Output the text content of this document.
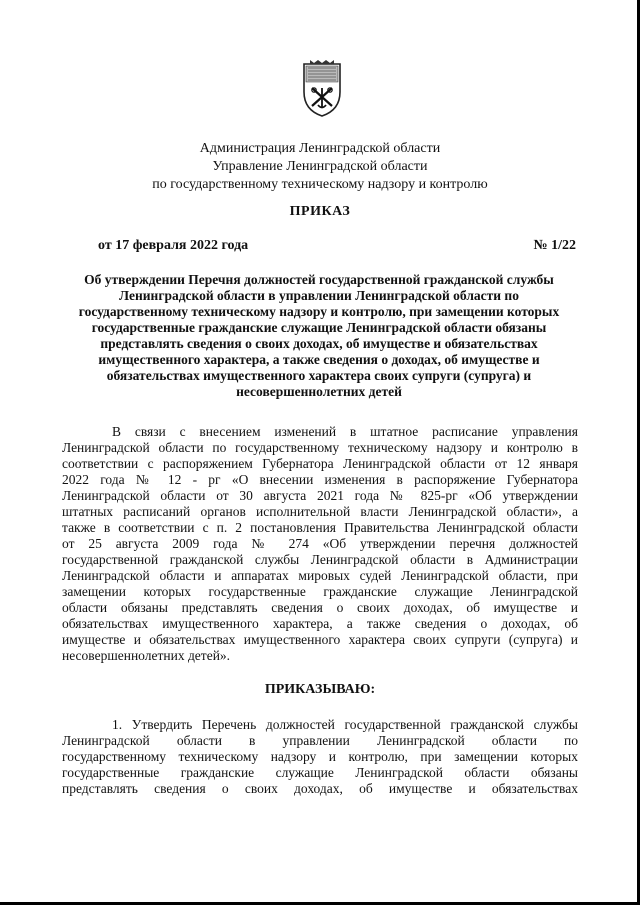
Администрация Ленинградской области
Управление Ленинградской области
по государственному техническому надзору и контролю
ПРИКАЗ
от 17 февраля 2022 года	№ 1/22
Об утверждении Перечня должностей государственной гражданской службы
Ленинградской области в управлении Ленинградской области по
государственному техническому надзору и контролю, при замещении которых
государственные гражданские служащие Ленинградской области обязаны
представлять сведения о своих доходах, об имуществе и обязательствах
имущественного характера, а также сведения о доходах, об имуществе и
обязательствах имущественного характера своих супруги (супруга) и
несовершеннолетних детей
В связи с внесением изменений в штатное расписание управления
Ленинградской области по государственному техническому надзору и контролю в
соответствии с распоряжением Губернатора Ленинградской области от 12 января
2022 года № 12 - рг «О внесении изменения в распоряжение Губернатора
Ленинградской области от 30 августа 2021 года № 825-рг «Об утверждении
штатных расписаний органов исполнительной власти Ленинградской области», а
также в соответствии с п. 2 постановления Правительства Ленинградской области
от 25 августа 2009 года № 274 «Об утверждении перечня должностей
государственной гражданской службы Ленинградской области в Администрации
Ленинградской области и аппаратах мировых судей Ленинградской области, при
замещении которых государственные гражданские служащие Ленинградской
области обязаны представлять сведения о своих доходах, об имуществе и
обязательствах имущественного характера, а также сведения о доходах, об
имуществе и обязательствах имущественного характера своих супруги (супруга) и
несовершеннолетних детей».
ПРИКАЗЫВАЮ:
1. Утвердить Перечень должностей государственной гражданской службы
Ленинградской области в управлении Ленинградской области по
государственному техническому надзору и контролю, при замещении которых
государственные гражданские служащие Ленинградской области обязаны
представлять сведения о своих доходах, об имуществе и обязательствах
